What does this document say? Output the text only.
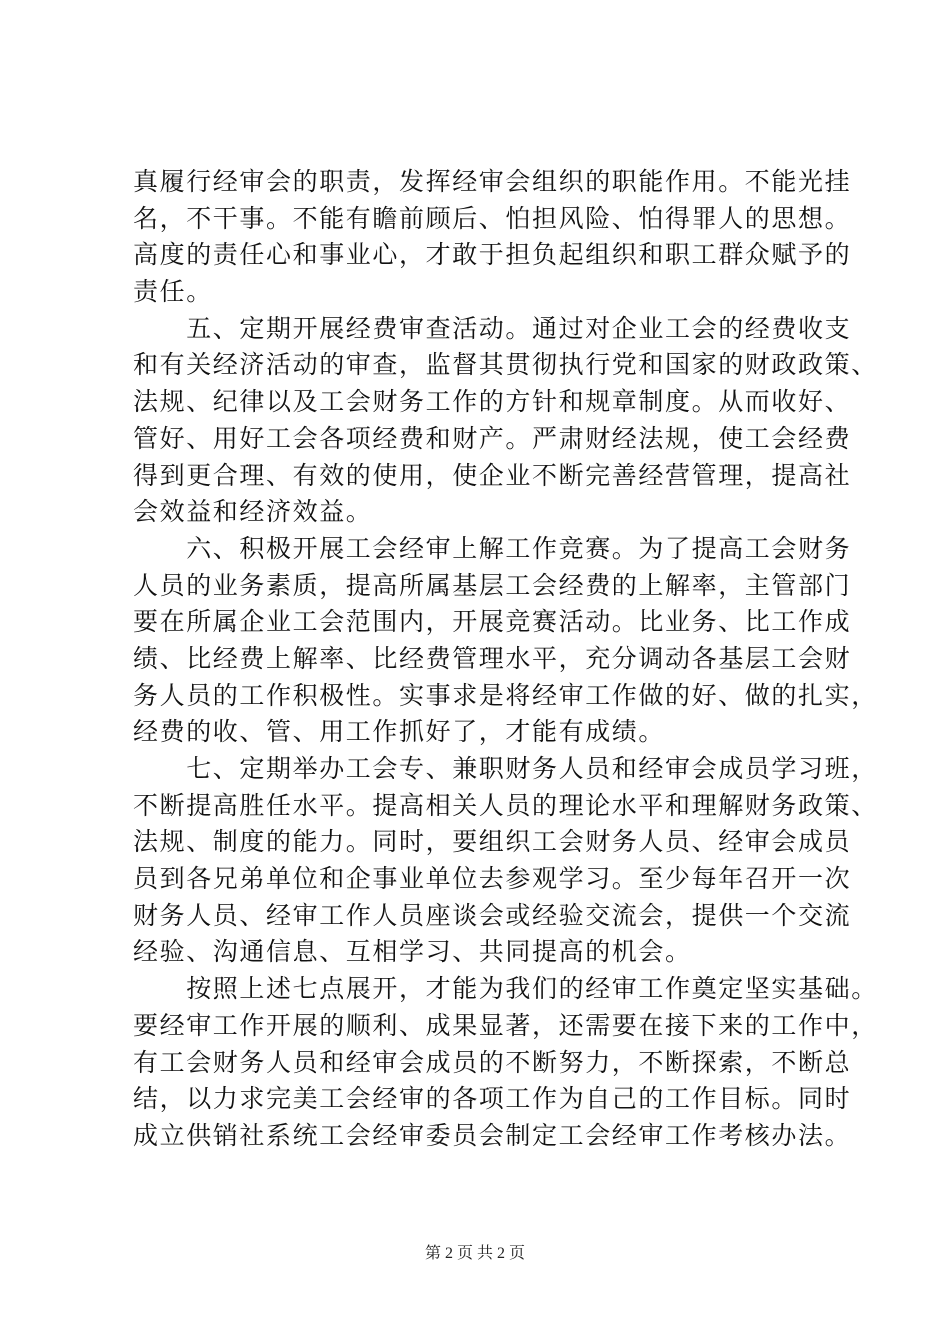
真履行经审会的职责，发挥经审会组织的职能作用。不能光挂
名，不干事。不能有瞻前顾后、怕担风险、怕得罪人的思想。
高度的责任心和事业心，才敢于担负起组织和职工群众赋予的
责任。
　　五、定期开展经费审查活动。通过对企业工会的经费收支
和有关经济活动的审查，监督其贯彻执行党和国家的财政政策、
法规、纪律以及工会财务工作的方针和规章制度。从而收好、
管好、用好工会各项经费和财产。严肃财经法规，使工会经费
得到更合理、有效的使用，使企业不断完善经营管理，提高社
会效益和经济效益。
　　六、积极开展工会经审上解工作竞赛。为了提高工会财务
人员的业务素质，提高所属基层工会经费的上解率，主管部门
要在所属企业工会范围内，开展竞赛活动。比业务、比工作成
绩、比经费上解率、比经费管理水平，充分调动各基层工会财
务人员的工作积极性。实事求是将经审工作做的好、做的扎实，
经费的收、管、用工作抓好了，才能有成绩。
　　七、定期举办工会专、兼职财务人员和经审会成员学习班，
不断提高胜任水平。提高相关人员的理论水平和理解财务政策、
法规、制度的能力。同时，要组织工会财务人员、经审会成员
员到各兄弟单位和企事业单位去参观学习。至少每年召开一次
财务人员、经审工作人员座谈会或经验交流会，提供一个交流
经验、沟通信息、互相学习、共同提高的机会。
　　按照上述七点展开，才能为我们的经审工作奠定坚实基础。
要经审工作开展的顺利、成果显著，还需要在接下来的工作中，
有工会财务人员和经审会成员的不断努力，不断探索，不断总
结，以力求完美工会经审的各项工作为自己的工作目标。同时
成立供销社系统工会经审委员会制定工会经审工作考核办法。
第 2 页 共 2 页
